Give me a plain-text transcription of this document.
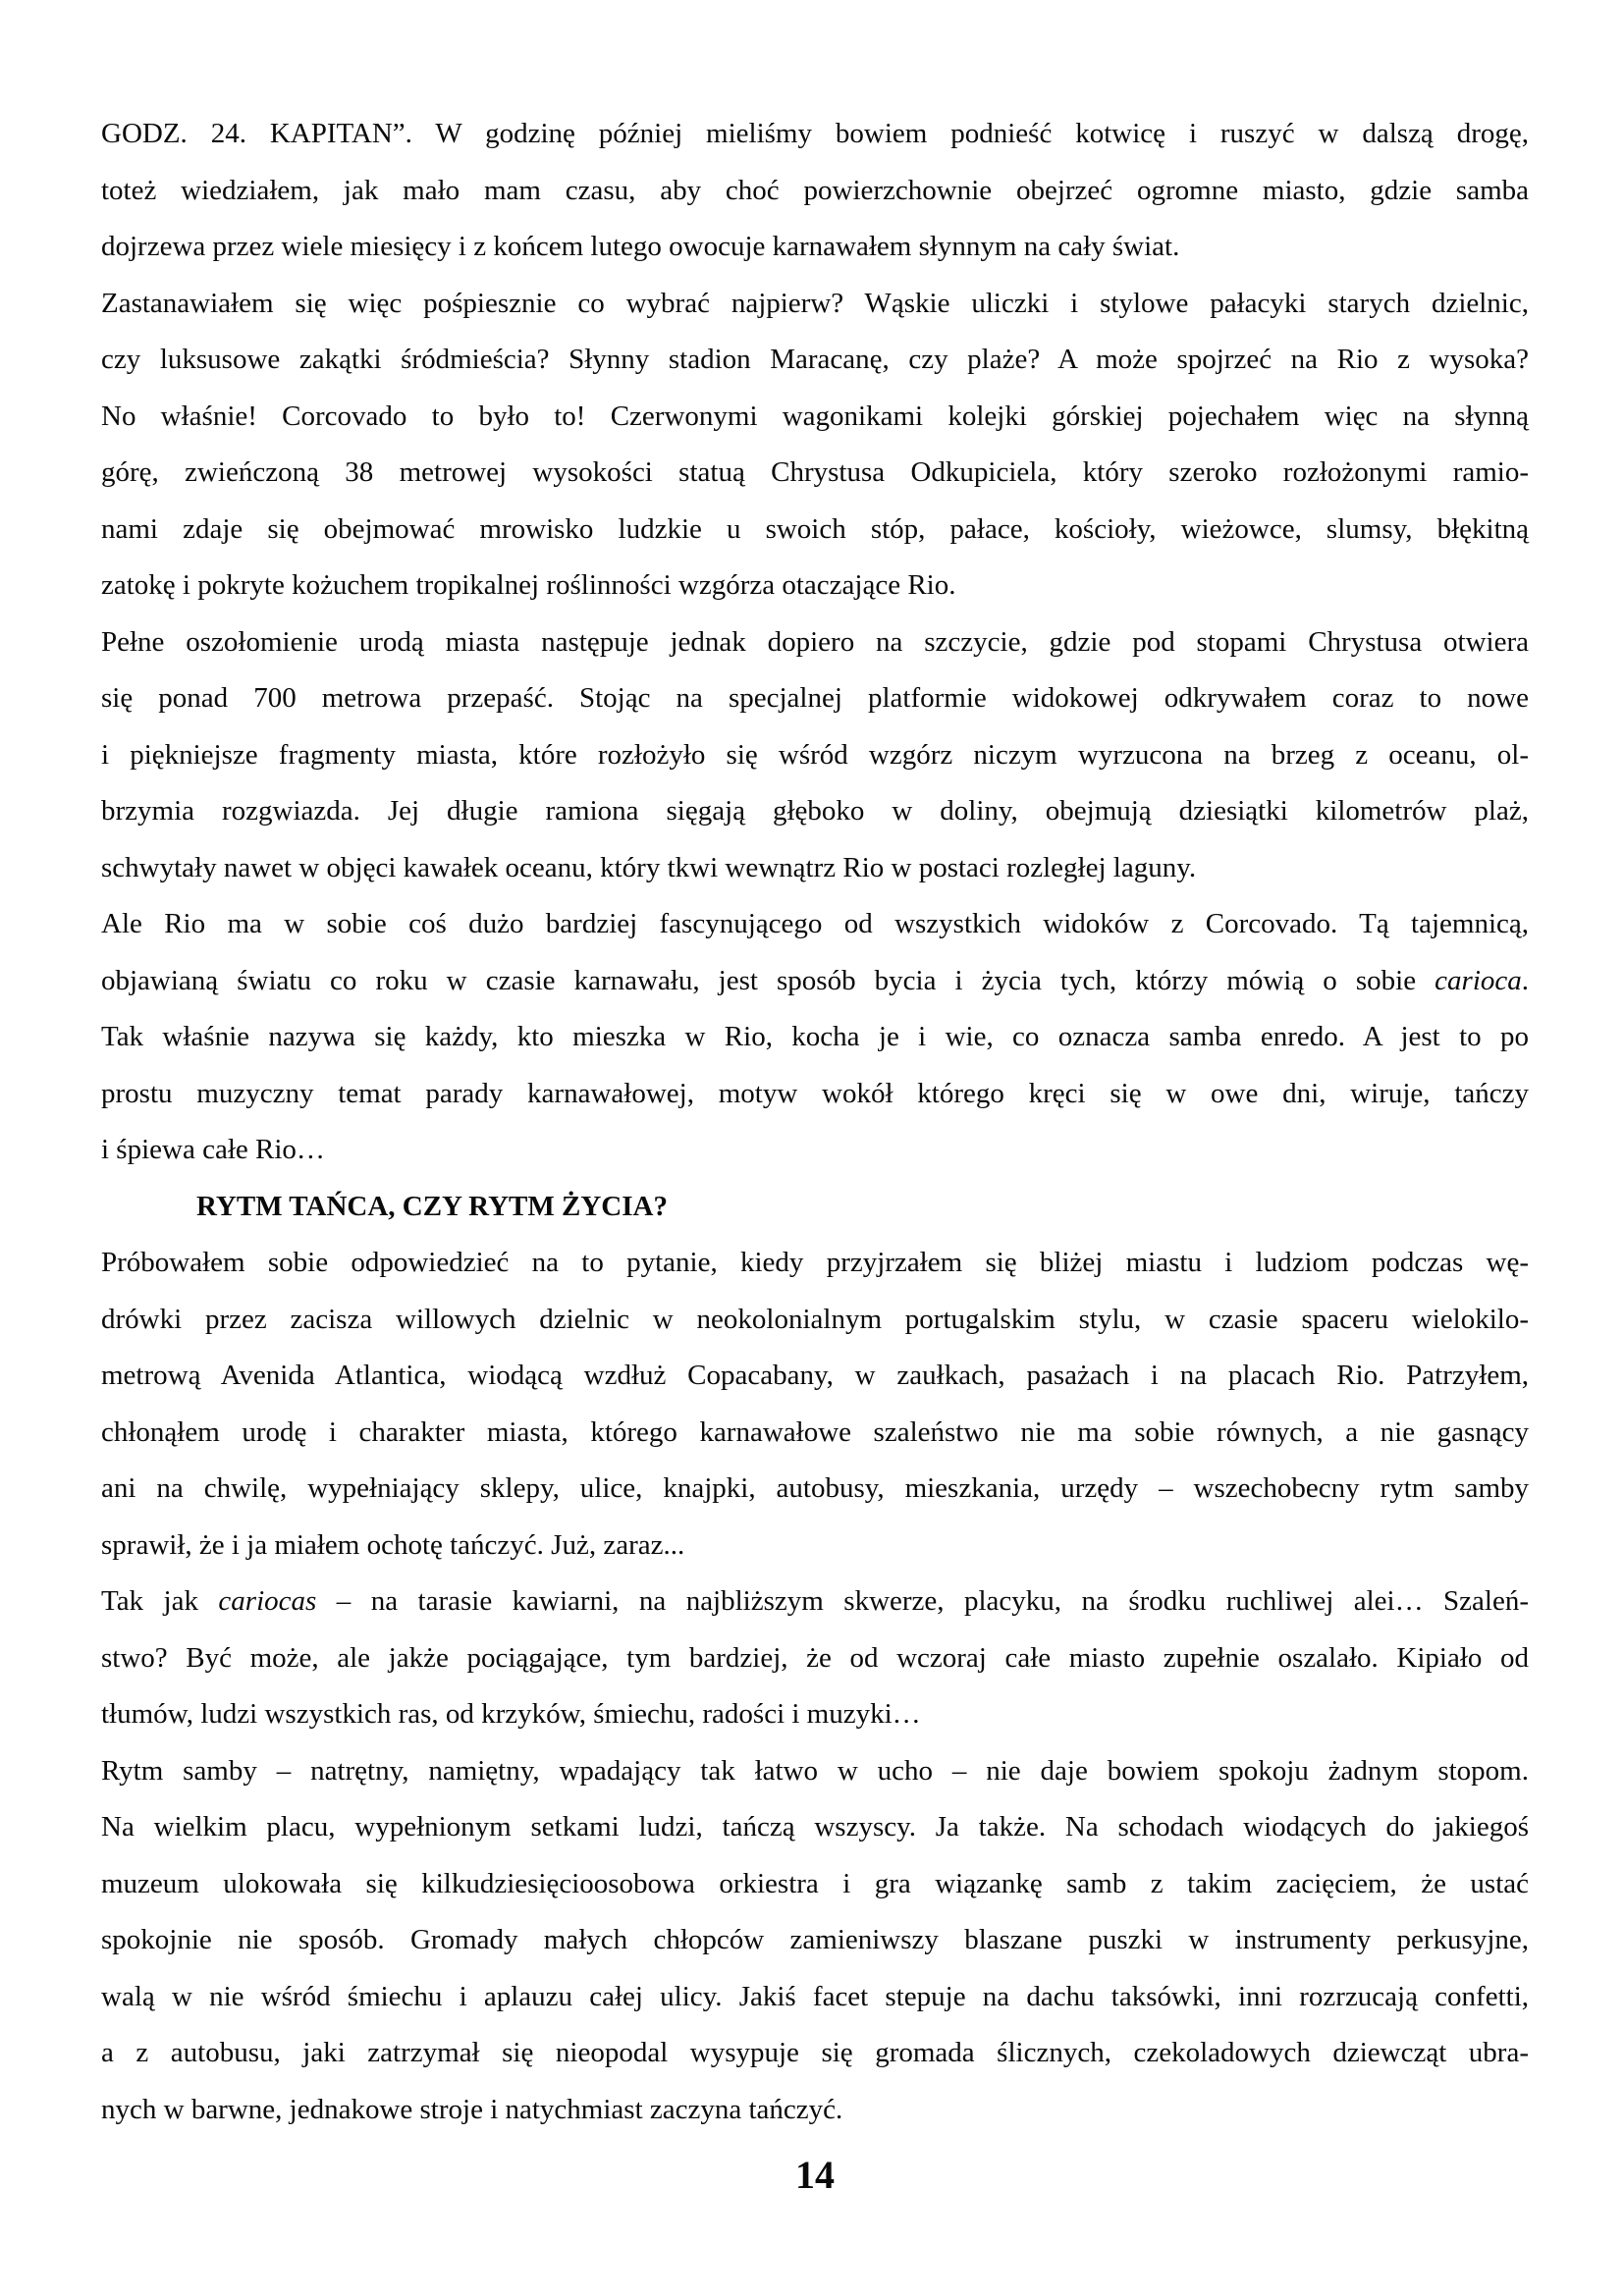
GODZ. 24. KAPITAN”. W godzinę później mieliśmy bowiem podnieść kotwicę i ruszyć w dalszą drogę,
toteż wiedziałem, jak mało mam czasu, aby choć powierzchownie obejrzeć ogromne miasto, gdzie samba
dojrzewa przez wiele miesięcy i z końcem lutego owocuje karnawałem słynnym na cały świat.
Zastanawiałem się więc pośpiesznie co wybrać najpierw? Wąskie uliczki i stylowe pałacyki starych dzielnic,
czy luksusowe zakątki śródmieścia? Słynny stadion Maracanę, czy plaże? A może spojrzeć na Rio z wysoka?
No właśnie! Corcovado to było to! Czerwonymi wagonikami kolejki górskiej pojechałem więc na słynną
górę, zwieńczoną 38 metrowej wysokości statuą Chrystusa Odkupiciela, który szeroko rozłożonymi ramio-
nami zdaje się obejmować mrowisko ludzkie u swoich stóp, pałace, kościoły, wieżowce, slumsy, błękitną
zatokę i pokryte kożuchem tropikalnej roślinności wzgórza otaczające Rio.
Pełne oszołomienie urodą miasta następuje jednak dopiero na szczycie, gdzie pod stopami Chrystusa otwiera
się ponad 700 metrowa przepaść. Stojąc na specjalnej platformie widokowej odkrywałem coraz to nowe
i piękniejsze fragmenty miasta, które rozłożyło się wśród wzgórz niczym wyrzucona na brzeg z oceanu, ol-
brzymia rozgwiazda. Jej długie ramiona sięgają głęboko w doliny, obejmują dziesiątki kilometrów plaż,
schwytały nawet w objęci kawałek oceanu, który tkwi wewnątrz Rio w postaci rozległej laguny.
Ale Rio ma w sobie coś dużo bardziej fascynującego od wszystkich widoków z Corcovado. Tą tajemnicą,
objawianą światu co roku w czasie karnawału, jest sposób bycia i życia tych, którzy mówią o sobie carioca.
Tak właśnie nazywa się każdy, kto mieszka w Rio, kocha je i wie, co oznacza samba enredo. A jest to po
prostu muzyczny temat parady karnawałowej, motyw wokół którego kręci się w owe dni, wiruje, tańczy
i śpiewa całe Rio…
RYTM TAŃCA, CZY RYTM ŻYCIA?
Próbowałem sobie odpowiedzieć na to pytanie, kiedy przyjrzałem się bliżej miastu i ludziom podczas wę-
drówki przez zacisza willowych dzielnic w neokolonialnym portugalskim stylu, w czasie spaceru wielokilo-
metrową Avenida Atlantica, wiodącą wzdłuż Copacabany, w zaułkach, pasażach i na placach Rio. Patrzyłem,
chłonąłem urodę i charakter miasta, którego karnawałowe szaleństwo nie ma sobie równych, a nie gasnący
ani na chwilę, wypełniający sklepy, ulice, knajpki, autobusy, mieszkania, urzędy – wszechobecny rytm samby
sprawił, że i ja miałem ochotę tańczyć. Już, zaraz...
Tak jak cariocas – na tarasie kawiarni, na najbliższym skwerze, placyku, na środku ruchliwej alei… Szaleń-
stwo? Być może, ale jakże pociągające, tym bardziej, że od wczoraj całe miasto zupełnie oszalało. Kipiało od
tłumów, ludzi wszystkich ras, od krzyków, śmiechu, radości i muzyki…
Rytm samby – natrętny, namiętny, wpadający tak łatwo w ucho – nie daje bowiem spokoju żadnym stopom.
Na wielkim placu, wypełnionym setkami ludzi, tańczą wszyscy. Ja także. Na schodach wiodących do jakiegoś
muzeum ulokowała się kilkudziesięcioosobowa orkiestra i gra wiązankę samb z takim zacięciem, że ustać
spokojnie nie sposób. Gromady małych chłopców zamieniwszy blaszane puszki w instrumenty perkusyjne,
walą w nie wśród śmiechu i aplauzu całej ulicy. Jakiś facet stepuje na dachu taksówki, inni rozrzucają confetti,
a z autobusu, jaki zatrzymał się nieopodal wysypuje się gromada ślicznych, czekoladowych dziewcząt ubra-
nych w barwne, jednakowe stroje i natychmiast zaczyna tańczyć.
14
